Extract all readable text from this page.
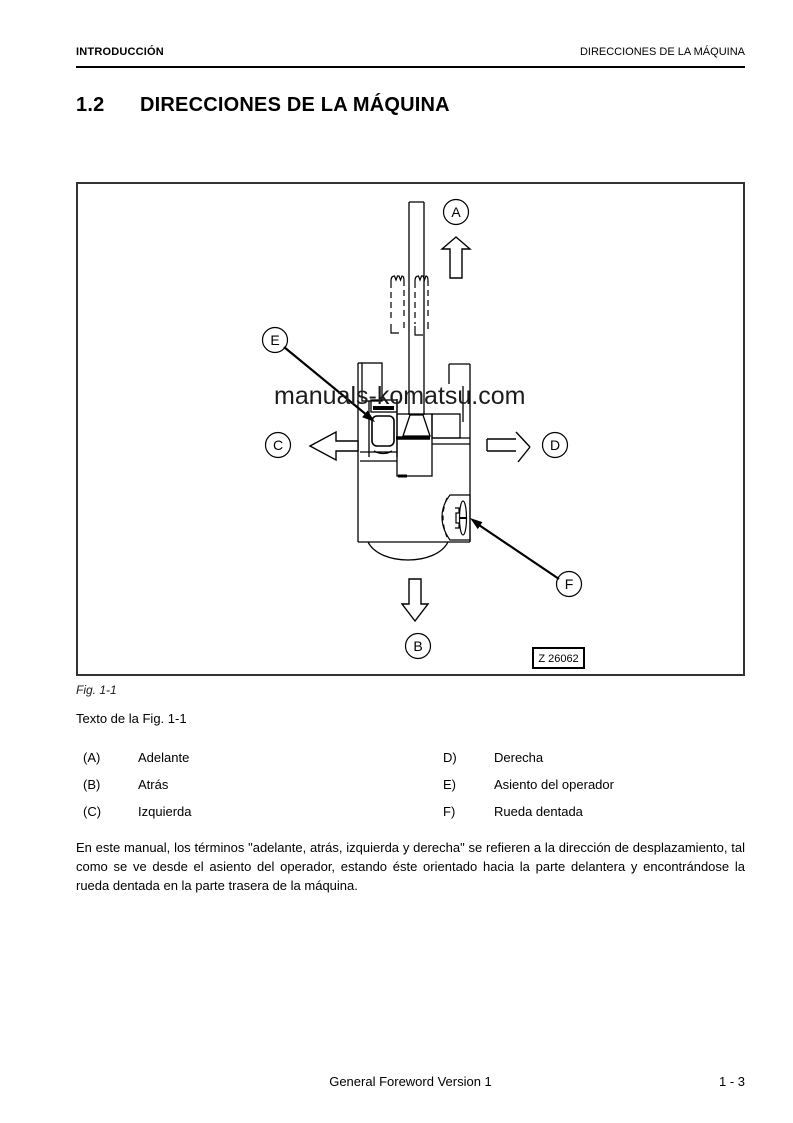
INTRODUCCIÓN	DIRECCIONES DE LA MÁQUINA
1.2 DIRECCIONES DE LA MÁQUINA
A
B
C	D
E
F
manuals-komatsu.com
Z 26062
Fig. 1-1
Texto de la Fig. 1-1
(A)	Adelante	D)	Derecha
(B)	Atrás	E)	Asiento del operador
(C)	Izquierda	F)	Rueda dentada
En este manual, los términos "adelante, atrás, izquierda y derecha" se refieren a la dirección de desplazamiento, tal como se ve desde el asiento del operador, estando éste orientado hacia la parte delantera y encontrándose la rueda dentada en la parte trasera de la máquina.
General Foreword Version 1	1 - 3
